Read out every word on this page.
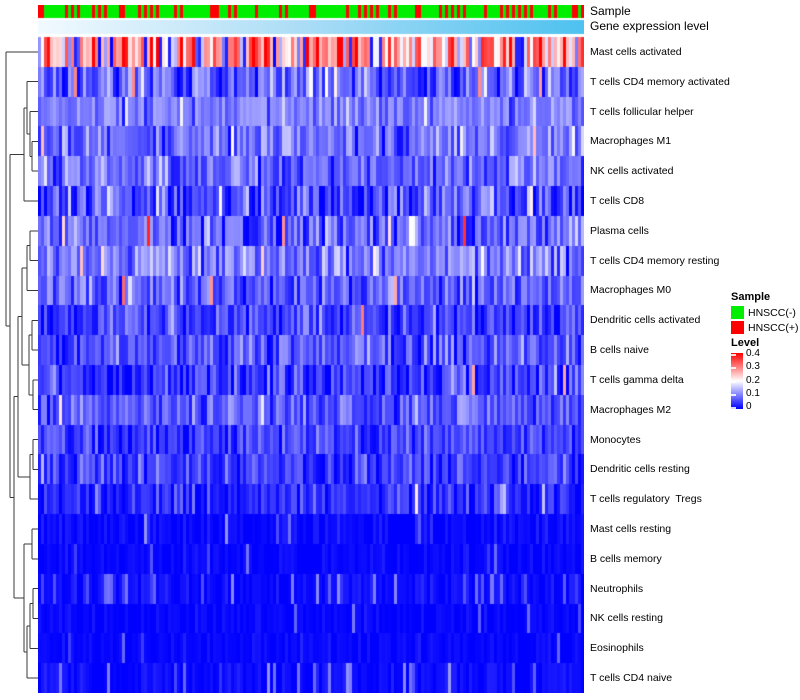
Sample
Gene expression level
Mast cells activated
T cells CD4 memory activated
T cells follicular helper
Macrophages M1
NK cells activated
T cells CD8
Plasma cells
T cells CD4 memory resting
Macrophages M0
Dendritic cells activated
B cells naive
T cells gamma delta
Macrophages M2
Monocytes
Dendritic cells resting
T cells regulatory  Tregs
Mast cells resting
B cells memory
Neutrophils
NK cells resting
Eosinophils
T cells CD4 naive
Sample
HNSCC(-)
HNSCC(+)
Level
0.4
0.3
0.2
0.1
0
